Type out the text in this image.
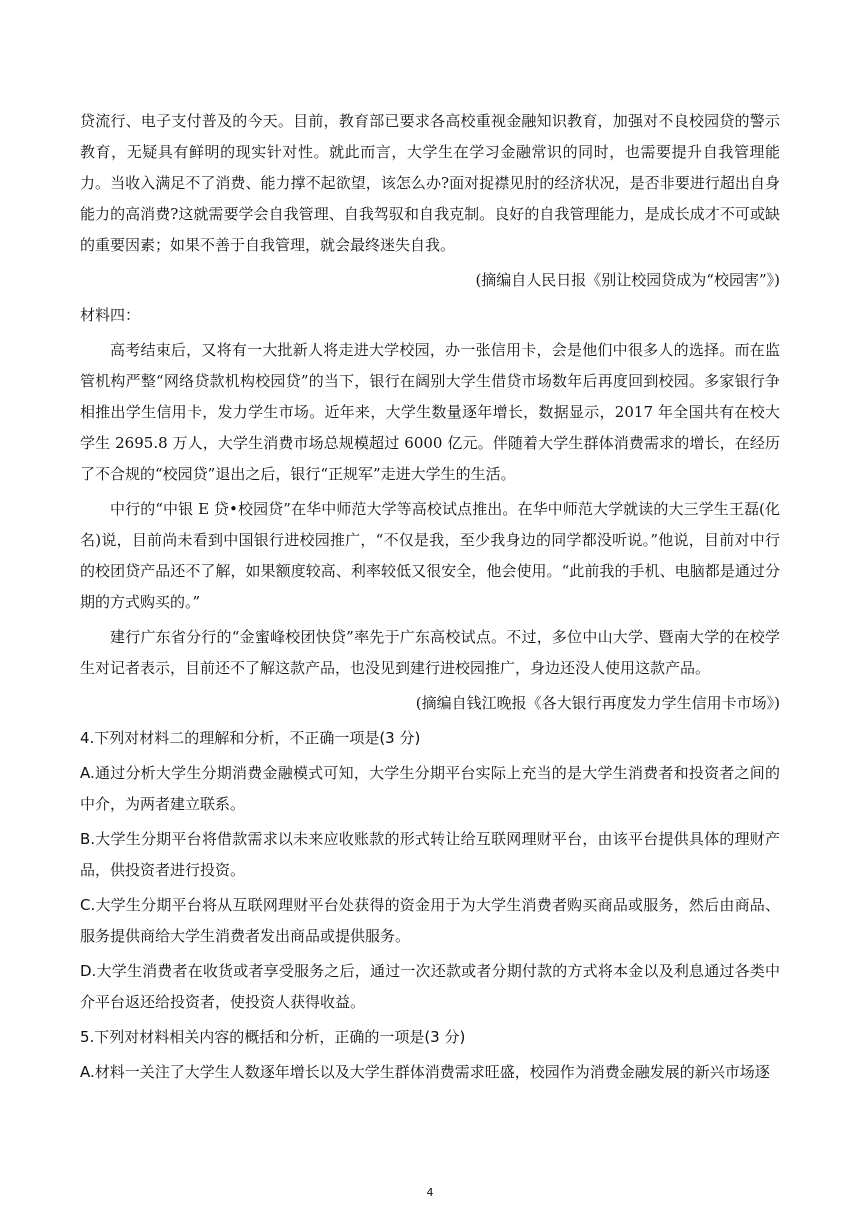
贷流行、电子支付普及的今天。目前，教育部已要求各高校重视金融知识教育，加强对不良校园贷的警示教育，无疑具有鲜明的现实针对性。就此而言，大学生在学习金融常识的同时，也需要提升自我管理能力。当收入满足不了消费、能力撑不起欲望，该怎么办?面对捉襟见肘的经济状况，是否非要进行超出自身能力的高消费?这就需要学会自我管理、自我驾驭和自我克制。良好的自我管理能力，是成长成才不可或缺的重要因素；如果不善于自我管理，就会最终迷失自我。

(摘编自人民日报《别让校园贷成为“校园害”》)

材料四：

高考结束后，又将有一大批新人将走进大学校园，办一张信用卡，会是他们中很多人的选择。而在监管机构严整“网络贷款机构校园贷”的当下，银行在阔别大学生借贷市场数年后再度回到校园。多家银行争相推出学生信用卡，发力学生市场。近年来，大学生数量逐年增长，数据显示，2017 年全国共有在校大学生 2695.8 万人，大学生消费市场总规模超过 6000 亿元。伴随着大学生群体消费需求的增长，在经历了不合规的“校园贷”退出之后，银行“正规军”走进大学生的生活。

中行的“中银 E 贷•校园贷”在华中师范大学等高校试点推出。在华中师范大学就读的大三学生王磊(化名)说，目前尚未看到中国银行进校园推广，“不仅是我，至少我身边的同学都没听说。”他说，目前对中行的校团贷产品还不了解，如果额度较高、利率较低又很安全，他会使用。“此前我的手机、电脑都是通过分期的方式购买的。”

建行广东省分行的“金蜜峰校团快贷”率先于广东高校试点。不过，多位中山大学、暨南大学的在校学生对记者表示，目前还不了解这款产品，也没见到建行进校园推广，身边还没人使用这款产品。

(摘编自钱江晚报《各大银行再度发力学生信用卡市场》)

4.下列对材料二的理解和分析，不正确一项是(3 分)

A.通过分析大学生分期消费金融模式可知，大学生分期平台实际上充当的是大学生消费者和投资者之间的中介，为两者建立联系。

B.大学生分期平台将借款需求以未来应收账款的形式转让给互联网理财平台，由该平台提供具体的理财产品，供投资者进行投资。

C.大学生分期平台将从互联网理财平台处获得的资金用于为大学生消费者购买商品或服务，然后由商品、服务提供商给大学生消费者发出商品或提供服务。

D.大学生消费者在收货或者享受服务之后，通过一次还款或者分期付款的方式将本金以及利息通过各类中介平台返还给投资者，使投资人获得收益。

5.下列对材料相关内容的概括和分析，正确的一项是(3 分)

A.材料一关注了大学生人数逐年增长以及大学生群体消费需求旺盛，校园作为消费金融发展的新兴市场逐

4
